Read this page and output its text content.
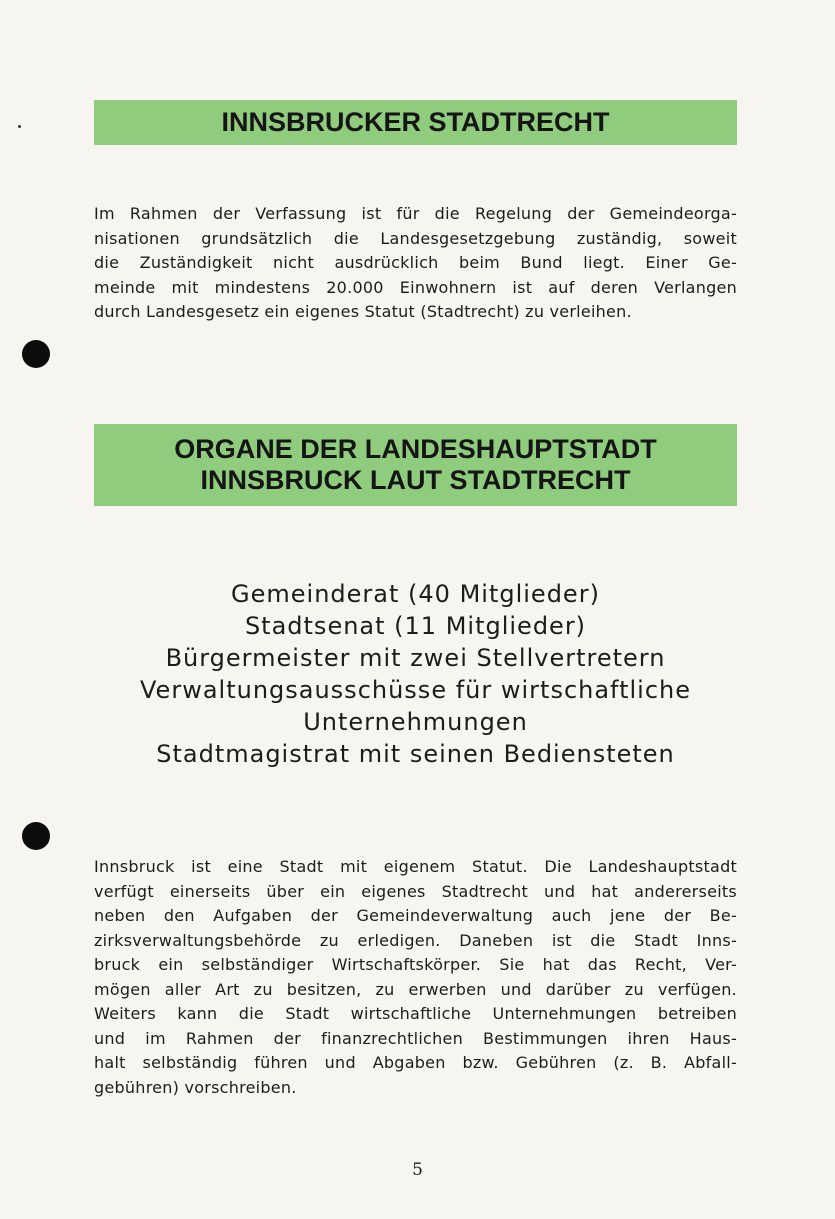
INNSBRUCKER STADTRECHT
Im Rahmen der Verfassung ist für die Regelung der Gemeindeorga-
nisationen grundsätzlich die Landesgesetzgebung zuständig, soweit
die Zuständigkeit nicht ausdrücklich beim Bund liegt. Einer Ge-
meinde mit mindestens 20.000 Einwohnern ist auf deren Verlangen
durch Landesgesetz ein eigenes Statut (Stadtrecht) zu verleihen.
ORGANE DER LANDESHAUPTSTADT
INNSBRUCK LAUT STADTRECHT
Gemeinderat (40 Mitglieder)
Stadtsenat (11 Mitglieder)
Bürgermeister mit zwei Stellvertretern
Verwaltungsausschüsse für wirtschaftliche
Unternehmungen
Stadtmagistrat mit seinen Bediensteten
Innsbruck ist eine Stadt mit eigenem Statut. Die Landeshauptstadt
verfügt einerseits über ein eigenes Stadtrecht und hat andererseits
neben den Aufgaben der Gemeindeverwaltung auch jene der Be-
zirksverwaltungsbehörde zu erledigen. Daneben ist die Stadt Inns-
bruck ein selbständiger Wirtschaftskörper. Sie hat das Recht, Ver-
mögen aller Art zu besitzen, zu erwerben und darüber zu verfügen.
Weiters kann die Stadt wirtschaftliche Unternehmungen betreiben
und im Rahmen der finanzrechtlichen Bestimmungen ihren Haus-
halt selbständig führen und Abgaben bzw. Gebühren (z. B. Abfall-
gebühren) vorschreiben.
5
